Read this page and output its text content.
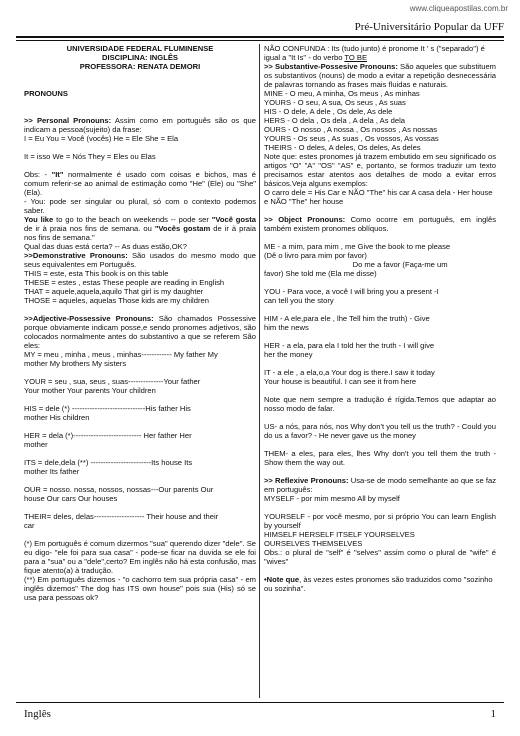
www.cliqueapostilas.com.br
Pré-Universitário Popular da UFF
UNIVERSIDADE FEDERAL FLUMINENSE
DISCIPLINA: INGLÊS
PROFESSORA: RENATA DEMORI
PRONOUNS

>> Personal Pronouns: Assim como em português são os que indicam a pessoa(sujeito) da frase:

I = Eu You = Você (vocês) He = Ele She = Ela
It = isso We = Nós They = Eles ou Elas

Obs: - "It" normalmente é usado com coisas e bichos, mas é comum referir-se ao animal de estimação como "He" (Ele) ou "She" (Ela).

- You: pode ser singular ou plural, só com o contexto podemos saber.

You like to go to the beach on weekends -- pode ser "Você gosta de ir à praia nos fins de semana. ou "Vocês gostam de ir à praia nos fins de semana."

Qual das duas está certa? -- As duas estão,OK?

>>Demonstrative Pronouns: São usados do mesmo modo que seus equivalentes em Português.

THIS = este, esta This book is on this table

THESE = estes , estas These people are reading in English

THAT = aquele,aquela,aquilo That girl is my daughter

THOSE = aqueles, aquelas Those kids are my children

>>Adjective-Possessive Pronouns: São chamados Possessive porque obviamente indicam posse,e sendo pronomes adjetivos, são colocados normalmente antes do substantivo a que se referem São eles:

MY = meu , minha , meus , minhas------------ My father My
mother My brothers My sisters
YOUR = seu , sua, seus , suas--------------Your father
Your mother Your parents Your children
HIS = dele (*) -----------------------------His father His
mother His children
HER = dela (*)--------------------------- Her father Her
mother
ITS = dele,dela (**) ------------------------Its house Its
mother Its father
OUR = nosso. nossa, nossos, nossas---Our parents Our
house Our cars Our houses
THEIR= deles, delas-------------------- Their house and their
car

(*) Em português é comum dizermos "sua" querendo dizer "dele". Se eu digo- "ele foi para sua casa" - pode-se ficar na duvida se ele foi para a "sua" ou a "dele",certo? Em inglês não há esta confusão, mas fique atento(a) à tradução.

(**) Em português dizemos - "o cachorro tem sua própria casa" - em inglês dizemos" The dog has ITS own house" pois sua (His) só se usa para pessoas ok?

NÃO CONFUNDA : Its (tudo junto) é pronome It ' s ("separado") é igual a "It Is" - do verbo TO BE

>> Substantive-Possesive Pronouns: São aqueles que substituem os substantivos (nouns) de modo a evitar a repetição desnecessária de palavras tornando as frases mais fluidas e naturais.

MINE - O meu, A minha, Os meus , As minhas
YOURS - O seu, A sua, Os seus , As suas
HIS - O dele, A dele , Os dele, As dele
HERS - O dela , Os dela , A dela , As dela
OURS - O nosso , A nossa , Os nossos , As nossas
YOURS - Os seus , As suas , Os vossos, As vossas
THEIRS - O deles, A deles, Os deles, As deles

Note que: estes pronomes já trazem embutido em seu significado os artigos "O" "A" "OS" "AS" e, portanto, se formos traduzir um texto precisamos estar atentos aos detalhes de modo a evitar erros básicos.Veja alguns exemplos:

O carro dele = His Car e NÃO "The" his car A casa dela - Her house e NÃO "The" her house

>> Object Pronouns: Como ocorre em português, em inglês também existem pronomes oblíquos.

ME - a mim, para mim , me Give the book to me please
(Dê o livro para mim por favor)
Do me a favor (Faça-me um
favor) She told me (Ela me disse)
YOU - Para voce, a você I will bring you a present -I
can tell you the story
HIM - A ele,para ele , lhe Tell him the truth) - Give
him the news
HER - a ela, para ela I told her the truth - I will give
her the money
IT - a ele , a ela,o,a Your dog is there.I saw it today
Your house is beautiful. I can see it from here

Note que nem sempre a tradução é rígida.Temos que adaptar ao nosso modo de falar.

US- a nós, para nós, nos Why don't you tell us the truth? - Could you do us a favor? - He never gave us the money

THEM- a eles, para eles, lhes Why don't you tell them the truth - Show them the way out.

>> Reflexive Pronouns: Usa-se de modo semelhante ao que se faz em português:

MYSELF - por mim mesmo All by myself

YOURSELF - por você mesmo, por si próprio You can learn English by yourself

HIMSELF HERSELF ITSELF YOURSELVES
OURSELVES THEMSELVES

Obs.: o plural de "self" é "selves" assim como o plural de "wife" é "wives"

•Note que, às vezes estes pronomes são traduzidos como "sozinho ou sozinha".

Inglês	1
